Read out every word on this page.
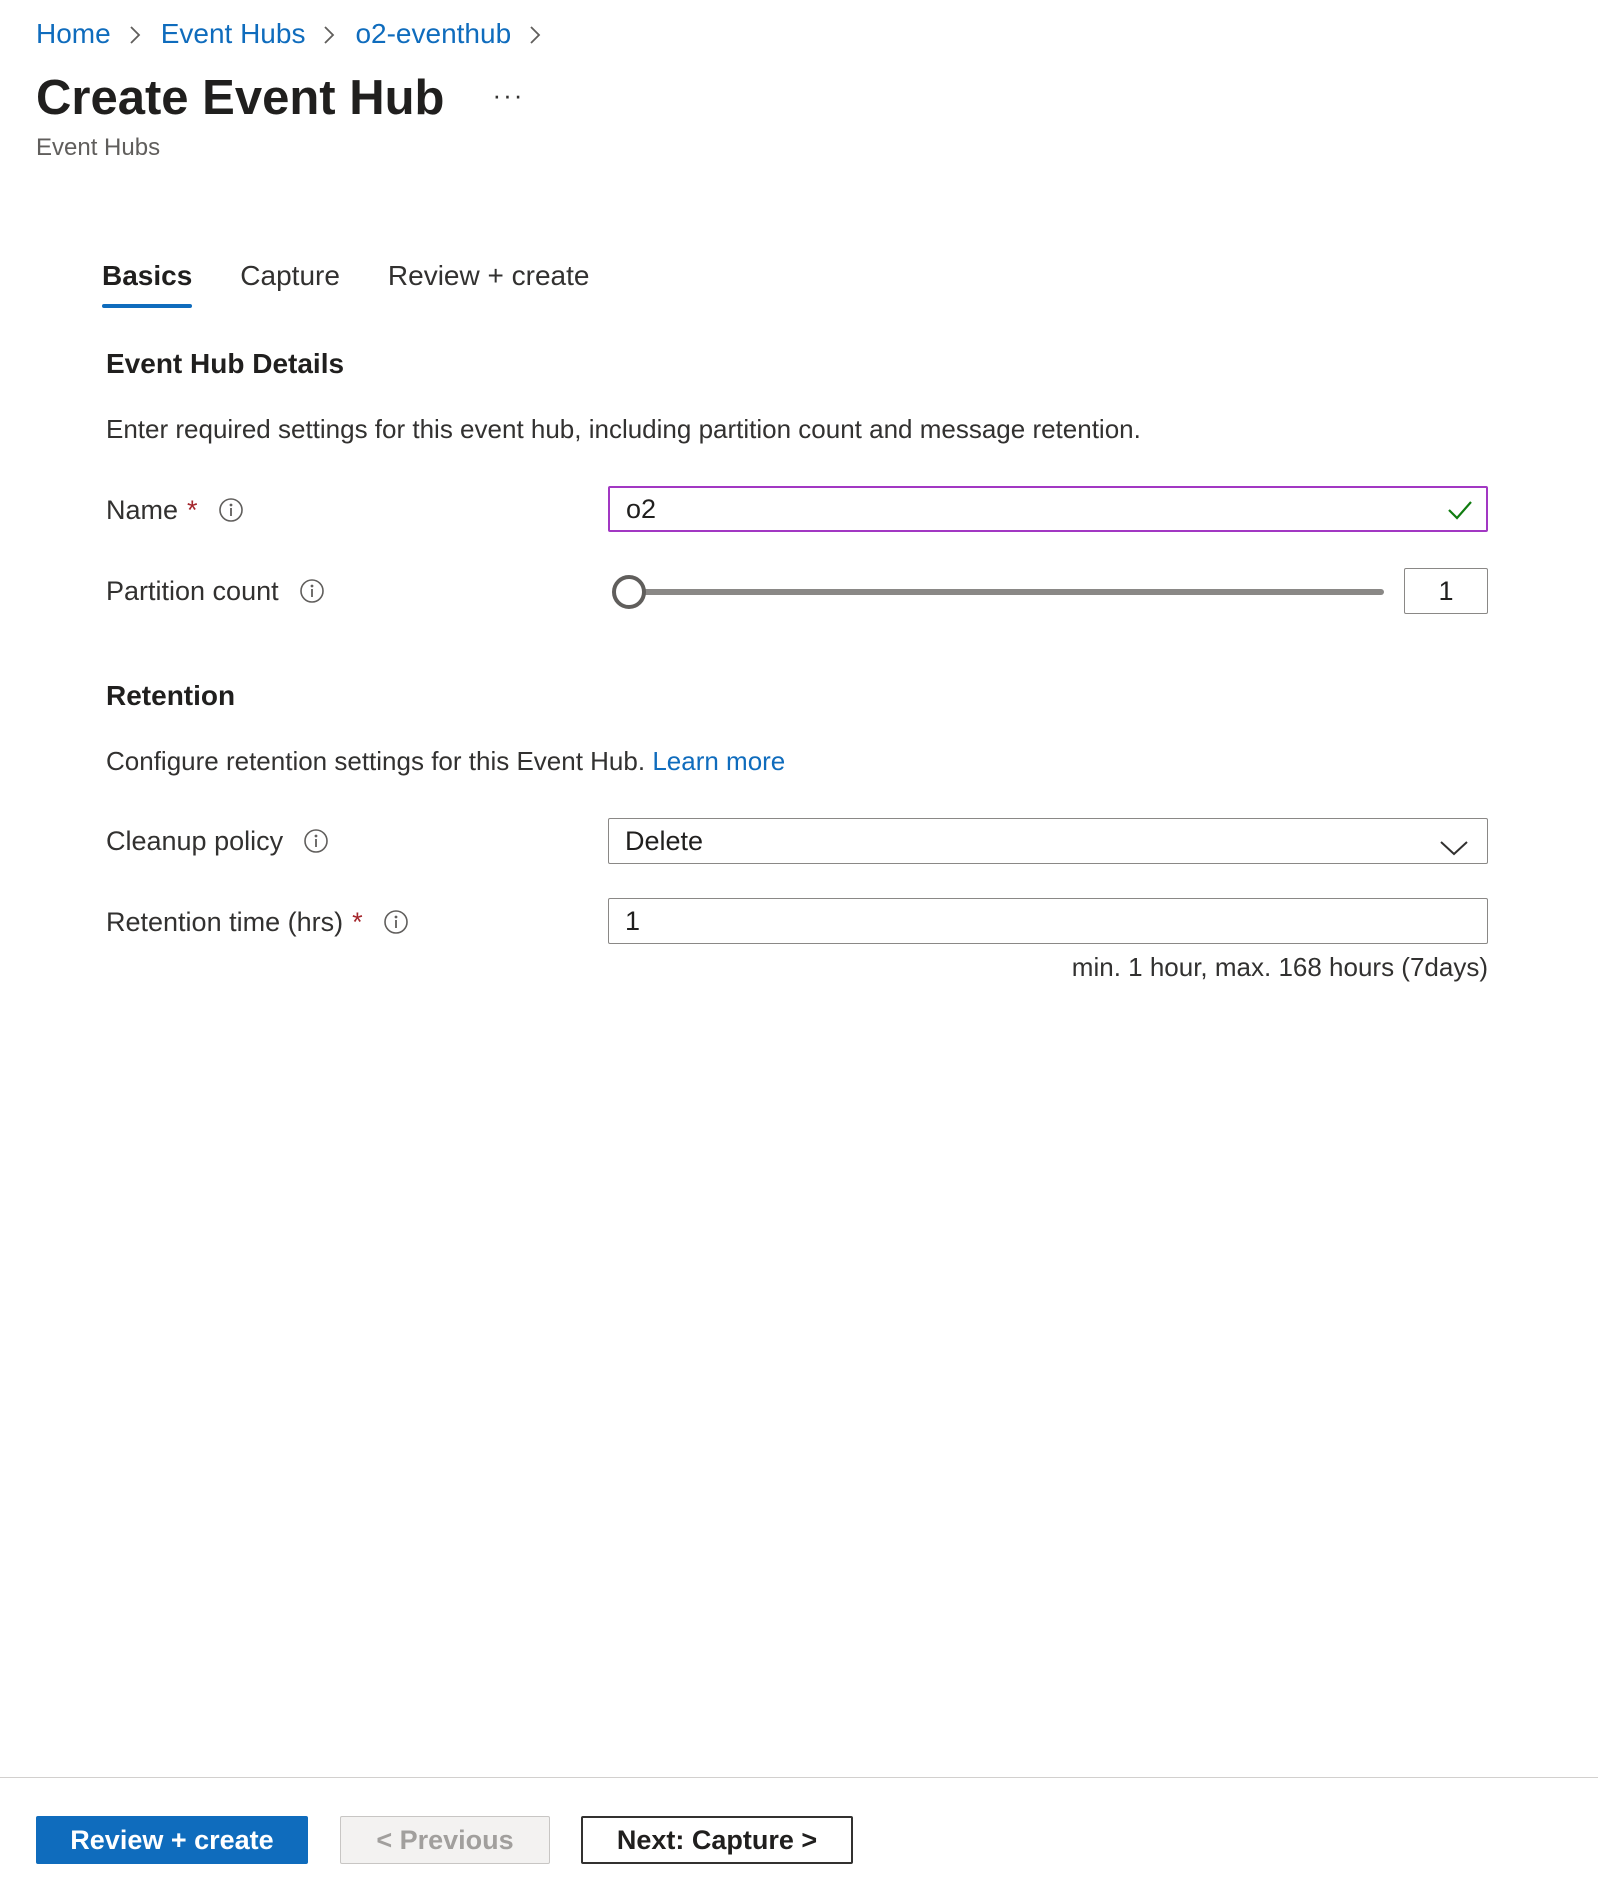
Home Event Hubs o2-eventhub
Create Event Hub ···
Event Hubs
Basics Capture Review + create
Event Hub Details
Enter required settings for this event hub, including partition count and message retention.
Name *	o2
Partition count	1
Retention
Configure retention settings for this Event Hub. Learn more
Cleanup policy	Delete
Retention time (hrs) *	1
min. 1 hour, max. 168 hours (7days)
Review + create	< Previous	Next: Capture >
